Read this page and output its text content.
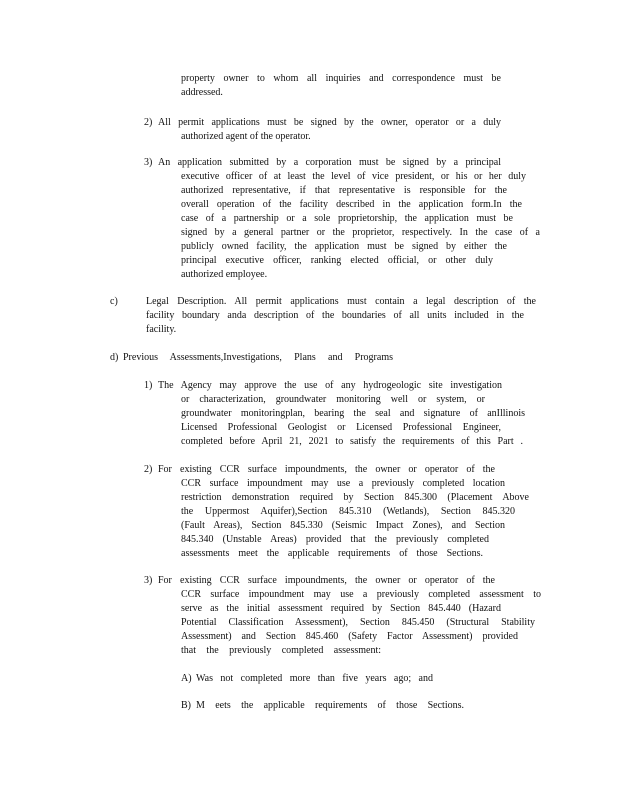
property owner to whom all inquiries and correspondence must be
addressed.
2) All permit applications must be signed by the owner, operator or a duly
authorized agent of the operator.
3) An application submitted by a corporation must be signed by a principal
executive officer of at least the level of vice president, or his or her duly
authorized representative, if that representative is responsible for the
overall operation of the facility described in the application form.In the
case of a partnership or a sole proprietorship, the application must be
signed by a general partner or the proprietor, respectively. In the case of a
publicly owned facility, the application must be signed by either the
principal executive officer, ranking elected official, or other duly
authorized employee.
c)	Legal Description. All permit applications must contain a legal description of the
facility boundary anda description of the boundaries of all units included in the
facility.
d) Previous Assessments,Investigations, Plans and Programs
1) The Agency may approve the use of any hydrogeologic site investigation
or characterization, groundwater monitoring well or system, or
groundwater monitoringplan, bearing the seal and signature of anIllinois
Licensed Professional Geologist or Licensed Professional Engineer,
completed before April 21, 2021 to satisfy the requirements of this Part .
2) For existing CCR surface impoundments, the owner or operator of the
CCR surface impoundment may use a previously completed location
restriction demonstration required by Section 845.300 (Placement Above
the Uppermost Aquifer),Section 845.310 (Wetlands), Section 845.320
(Fault Areas), Section 845.330 (Seismic Impact Zones), and Section
845.340 (Unstable Areas) provided that the previously completed
assessments meet the applicable requirements of those Sections.
3) For existing CCR surface impoundments, the owner or operator of the
CCR surface impoundment may use a previously completed assessment to
serve as the initial assessment required by Section 845.440 (Hazard
Potential Classification Assessment), Section 845.450 (Structural Stability
Assessment) and Section 845.460 (Safety Factor Assessment) provided
that the previously completed assessment:
A) Was not completed more than five years ago; and
B) M eets the applicable requirements of those Sections.
